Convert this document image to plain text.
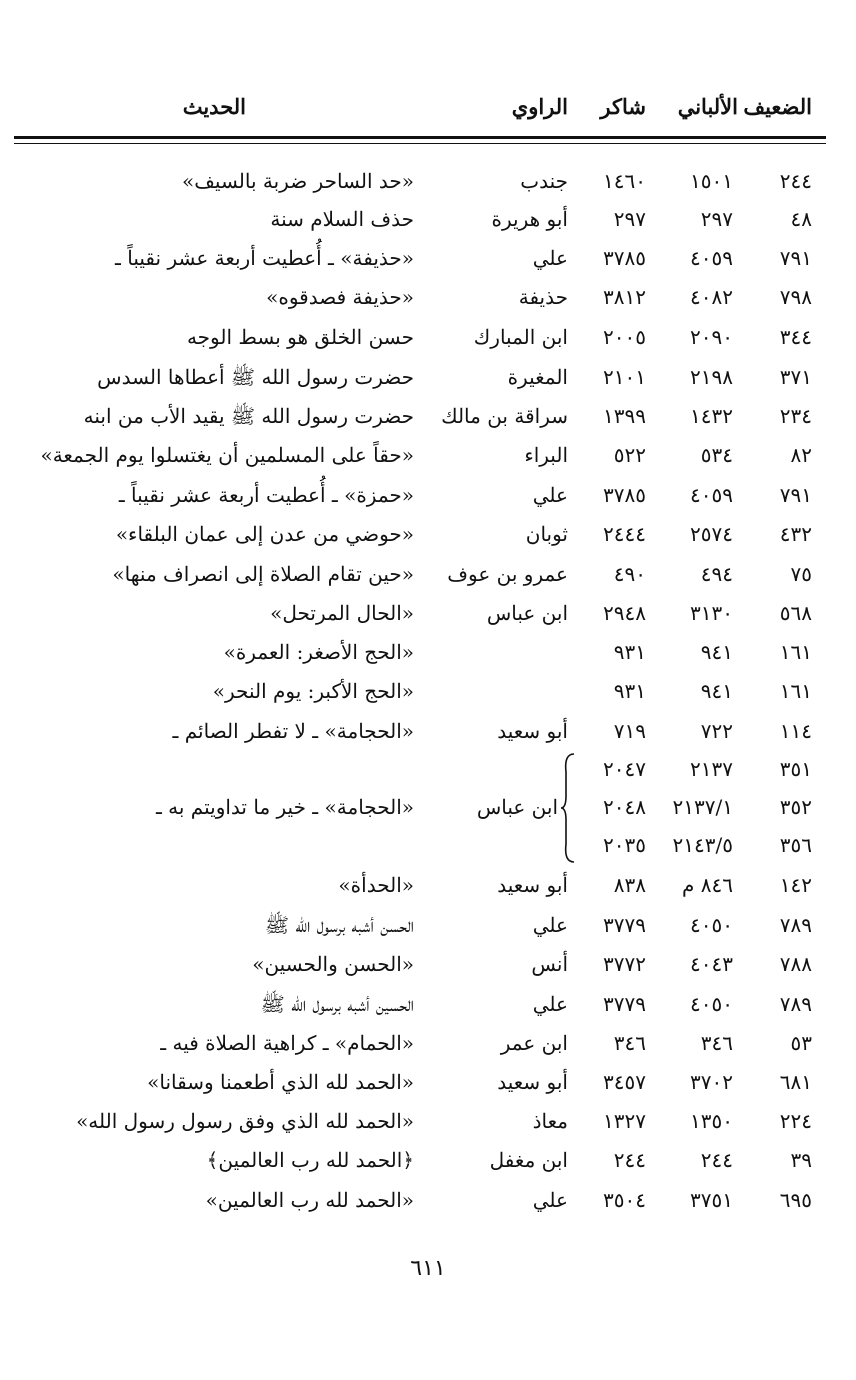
الضعيف
الألباني
شاكر
الراوي
الحديث
٢٤٤
١٥٠١
١٤٦٠
جندب
«حد الساحر ضربة بالسيف»
٤٨
٢٩٧
٢٩٧
أبو هريرة
حذف السلام سنة
٧٩١
٤٠٥٩
٣٧٨٥
علي
«حذيفة» ـ أُعطيت أربعة عشر نقيباً ـ
٧٩٨
٤٠٨٢
٣٨١٢
حذيفة
«حذيفة فصدقوه»
٣٤٤
٢٠٩٠
٢٠٠٥
ابن المبارك
حسن الخلق هو بسط الوجه
٣٧١
٢١٩٨
٢١٠١
المغيرة
حضرت رسول الله ﷺ أعطاها السدس
٢٣٤
١٤٣٢
١٣٩٩
سراقة بن مالك
حضرت رسول الله ﷺ يقيد الأب من ابنه
٨٢
٥٣٤
٥٢٢
البراء
«حقاً على المسلمين أن يغتسلوا يوم الجمعة»
٧٩١
٤٠٥٩
٣٧٨٥
علي
«حمزة» ـ أُعطيت أربعة عشر نقيباً ـ
٤٣٢
٢٥٧٤
٢٤٤٤
ثوبان
«حوضي من عدن إلى عمان البلقاء»
٧٥
٤٩٤
٤٩٠
عمرو بن عوف
«حين تقام الصلاة إلى انصراف منها»
٥٦٨
٣١٣٠
٢٩٤٨
ابن عباس
«الحال المرتحل»
١٦١
٩٤١
٩٣١
«الحج الأصغر: العمرة»
١٦١
٩٤١
٩٣١
«الحج الأكبر: يوم النحر»
١١٤
٧٢٢
٧١٩
أبو سعيد
«الحجامة» ـ لا تفطر الصائم ـ
٣٥١
٢١٣٧
٢٠٤٧
٣٥٢
٢١٣٧/١
٢٠٤٨
٣٥٦
٢١٤٣/٥
٢٠٣٥
١٤٢
٨٤٦ م
٨٣٨
أبو سعيد
«الحدأة»
٧٨٩
٤٠٥٠
٣٧٧٩
علي
الحسن أشبه برسول الله ﷺ
٧٨٨
٤٠٤٣
٣٧٧٢
أنس
«الحسن والحسين»
٧٨٩
٤٠٥٠
٣٧٧٩
علي
الحسين أشبه برسول الله ﷺ
٥٣
٣٤٦
٣٤٦
ابن عمر
«الحمام» ـ كراهية الصلاة فيه ـ
٦٨١
٣٧٠٢
٣٤٥٧
أبو سعيد
«الحمد لله الذي أطعمنا وسقانا»
٢٢٤
١٣٥٠
١٣٢٧
معاذ
«الحمد لله الذي وفق رسول رسول الله»
٣٩
٢٤٤
٢٤٤
ابن مغفل
﴿الحمد لله رب العالمين﴾
٦٩٥
٣٧٥١
٣٥٠٤
علي
«الحمد لله رب العالمين»
ابن عباس
«الحجامة» ـ خير ما تداويتم به ـ
٦١١
